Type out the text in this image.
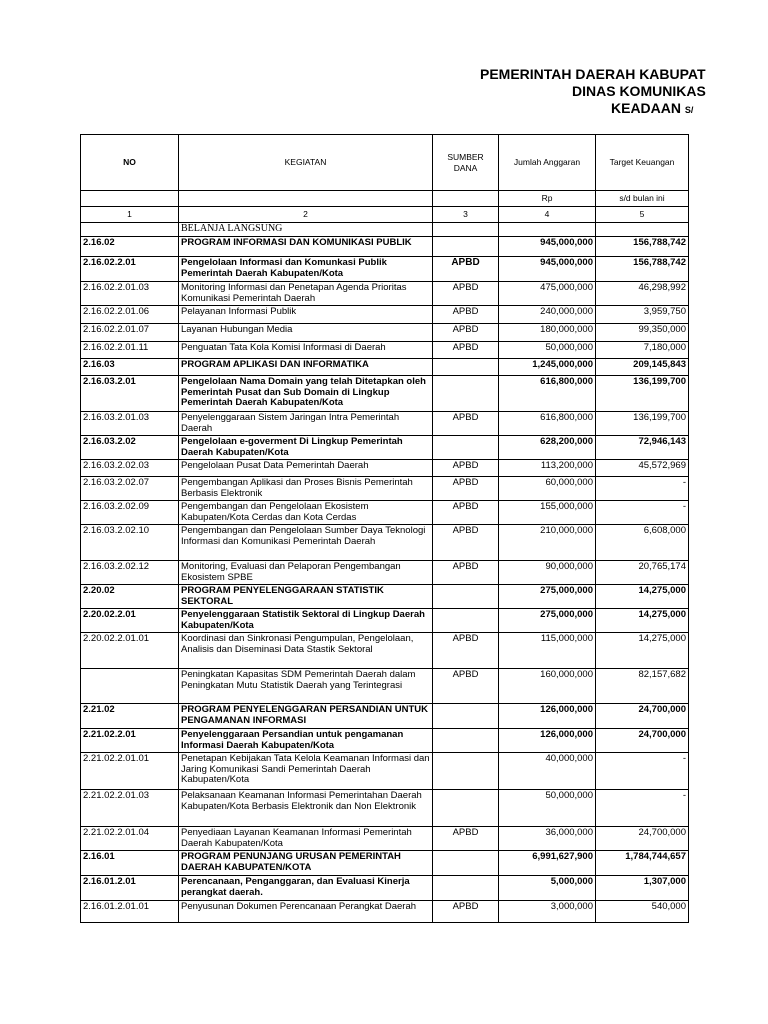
PEMERINTAH DAERAH KABUPAT
DINAS KOMUNIKAS
KEADAAN S/
NO	KEGIATAN	SUMBER DANA	Jumlah Anggaran	Target Keuangan
			Rp	s/d bulan ini
1	2	3	4	5
	BELANJA LANGSUNG			
2.16.02	PROGRAM INFORMASI DAN KOMUNIKASI PUBLIK		945,000,000	156,788,742
2.16.02.2.01	Pengelolaan Informasi dan Komunkasi Publik Pemerintah Daerah Kabupaten/Kota	APBD	945,000,000	156,788,742
2.16.02.2.01.03	Monitoring Informasi dan Penetapan Agenda Prioritas Komunikasi Pemerintah Daerah	APBD	475,000,000	46,298,992
2.16.02.2.01.06	Pelayanan Informasi Publik	APBD	240,000,000	3,959,750
2.16.02.2.01.07	Layanan Hubungan Media	APBD	180,000,000	99,350,000
2.16.02.2.01.11	Penguatan Tata Kola Komisi Informasi di Daerah	APBD	50,000,000	7,180,000
2.16.03	PROGRAM APLIKASI DAN INFORMATIKA		1,245,000,000	209,145,843
2.16.03.2.01	Pengelolaan Nama Domain yang telah Ditetapkan oleh Pemerintah Pusat dan Sub Domain di Lingkup Pemerintah Daerah Kabupaten/Kota		616,800,000	136,199,700
2.16.03.2.01.03	Penyelenggaraan Sistem Jaringan Intra Pemerintah Daerah	APBD	616,800,000	136,199,700
2.16.03.2.02	Pengelolaan e-goverment Di Lingkup Pemerintah Daerah Kabupaten/Kota		628,200,000	72,946,143
2.16.03.2.02.03	Pengelolaan Pusat Data Pemerintah Daerah	APBD	113,200,000	45,572,969
2.16.03.2.02.07	Pengembangan Aplikasi dan Proses Bisnis Pemerintah Berbasis Elektronik	APBD	60,000,000	-
2.16.03.2.02.09	Pengembangan dan Pengelolaan Ekosistem Kabupaten/Kota Cerdas dan Kota Cerdas	APBD	155,000,000	-
2.16.03.2.02.10	Pengembangan dan Pengelolaan Sumber Daya Teknologi Informasi dan Komunikasi Pemerintah Daerah	APBD	210,000,000	6,608,000
2.16.03.2.02.12	Monitoring, Evaluasi dan Pelaporan Pengembangan Ekosistem SPBE	APBD	90,000,000	20,765,174
2.20.02	PROGRAM PENYELENGGARAAN STATISTIK SEKTORAL		275,000,000	14,275,000
2.20.02.2.01	Penyelenggaraan Statistik Sektoral di Lingkup Daerah Kabupaten/Kota		275,000,000	14,275,000
2.20.02.2.01.01	Koordinasi dan Sinkronasi Pengumpulan, Pengelolaan, Analisis dan Diseminasi Data Stastik Sektoral	APBD	115,000,000	14,275,000
	Peningkatan Kapasitas SDM Pemerintah Daerah dalam Peningkatan Mutu Statistik Daerah yang Terintegrasi	APBD	160,000,000	82,157,682
2.21.02	PROGRAM PENYELENGGARAN PERSANDIAN UNTUK PENGAMANAN INFORMASI		126,000,000	24,700,000
2.21.02.2.01	Penyelenggaraan Persandian untuk pengamanan Informasi Daerah Kabupaten/Kota		126,000,000	24,700,000
2.21.02.2.01.01	Penetapan Kebijakan Tata Kelola Keamanan Informasi dan Jaring Komunikasi Sandi Pemerintah Daerah Kabupaten/Kota		40,000,000	-
2.21.02.2.01.03	Pelaksanaan Keamanan Informasi Pemerintahan Daerah Kabupaten/Kota Berbasis Elektronik dan Non Elektronik		50,000,000	-
2.21.02.2.01.04	Penyediaan Layanan Keamanan Informasi Pemerintah Daerah Kabupaten/Kota	APBD	36,000,000	24,700,000
2.16.01	PROGRAM PENUNJANG URUSAN PEMERINTAH DAERAH KABUPATEN/KOTA		6,991,627,900	1,784,744,657
2.16.01.2.01	Perencanaan, Penganggaran, dan Evaluasi Kinerja perangkat daerah.		5,000,000	1,307,000
2.16.01.2.01.01	Penyusunan Dokumen Perencanaan Perangkat Daerah	APBD	3,000,000	540,000
